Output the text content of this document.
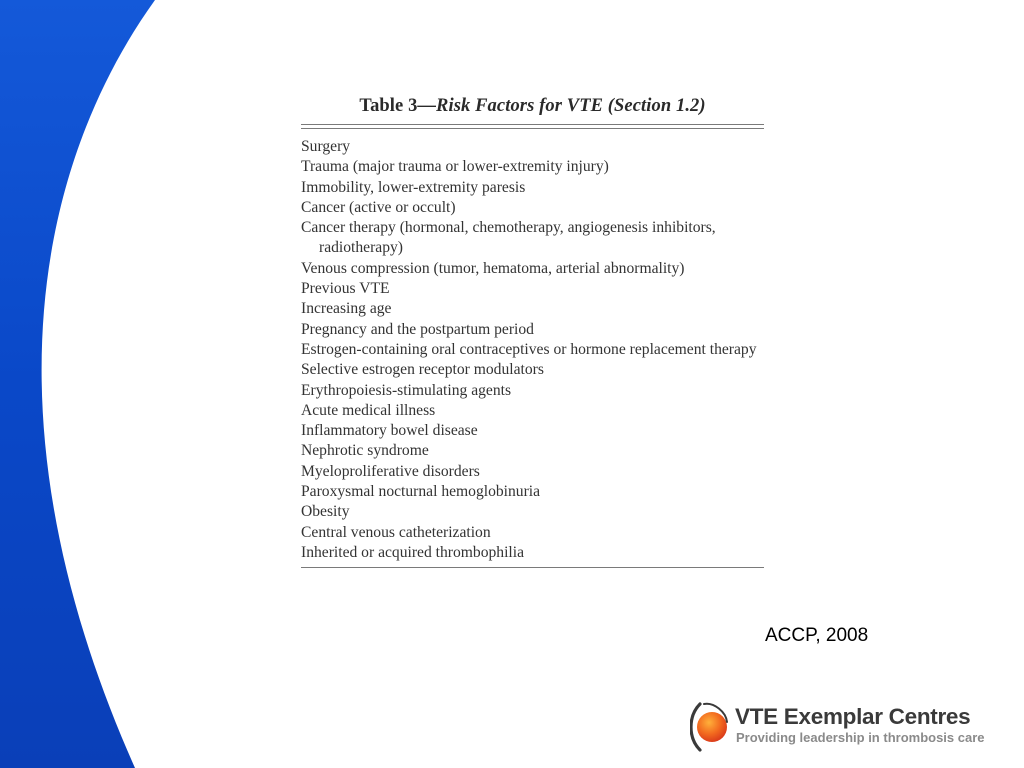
Table 3—Risk Factors for VTE (Section 1.2)
Surgery
Trauma (major trauma or lower-extremity injury)
Immobility, lower-extremity paresis
Cancer (active or occult)
Cancer therapy (hormonal, chemotherapy, angiogenesis inhibitors, radiotherapy)
Venous compression (tumor, hematoma, arterial abnormality)
Previous VTE
Increasing age
Pregnancy and the postpartum period
Estrogen-containing oral contraceptives or hormone replacement therapy
Selective estrogen receptor modulators
Erythropoiesis-stimulating agents
Acute medical illness
Inflammatory bowel disease
Nephrotic syndrome
Myeloproliferative disorders
Paroxysmal nocturnal hemoglobinuria
Obesity
Central venous catheterization
Inherited or acquired thrombophilia
ACCP, 2008
VTE Exemplar Centres
Providing leadership in thrombosis care
